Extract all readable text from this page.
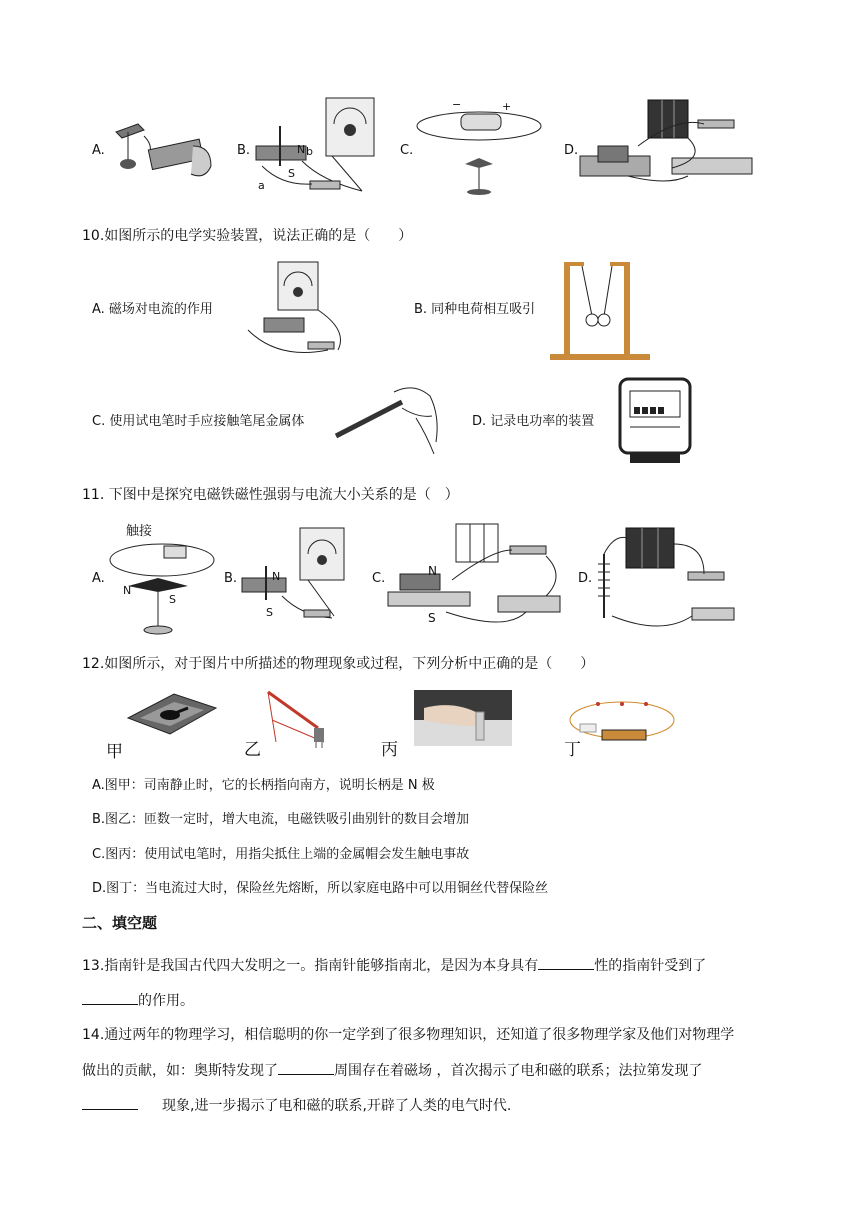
A.	B.	N b
S
a
C.
−	+
D.
10.如图所示的电学实验装置，说法正确的是（　　）
A. 磁场对电流的作用	B. 同种电荷相互吸引
C. 使用试电笔时手应接触笔尾金属体	D. 记录电功率的装置
11. 下图中是探究电磁铁磁性强弱与电流大小关系的是（　）
A.
触接
N
S
B.	N
S
C.	N
S
D.
12.如图所示，对于图片中所描述的物理现象或过程，下列分析中正确的是（　　）
甲	乙	丙	丁
A.图甲：司南静止时，它的长柄指向南方，说明长柄是 N 极
B.图乙：匝数一定时，增大电流，电磁铁吸引曲别针的数目会增加
C.图丙：使用试电笔时，用指尖抵住上端的金属帽会发生触电事故
D.图丁：当电流过大时，保险丝先熔断，所以家庭电路中可以用铜丝代替保险丝
二、填空题
13.指南针是我国古代四大发明之一。指南针能够指南北，是因为本身具有	性的指南针受到了
的作用。
14.通过两年的物理学习，相信聪明的你一定学到了很多物理知识，还知道了很多物理学家及他们对物理学
做出的贡献，如：奥斯特发现了	周围存在着磁场 ，首次揭示了电和磁的联系；法拉第发现了
现象,进一步揭示了电和磁的联系,开辟了人类的电气时代.
